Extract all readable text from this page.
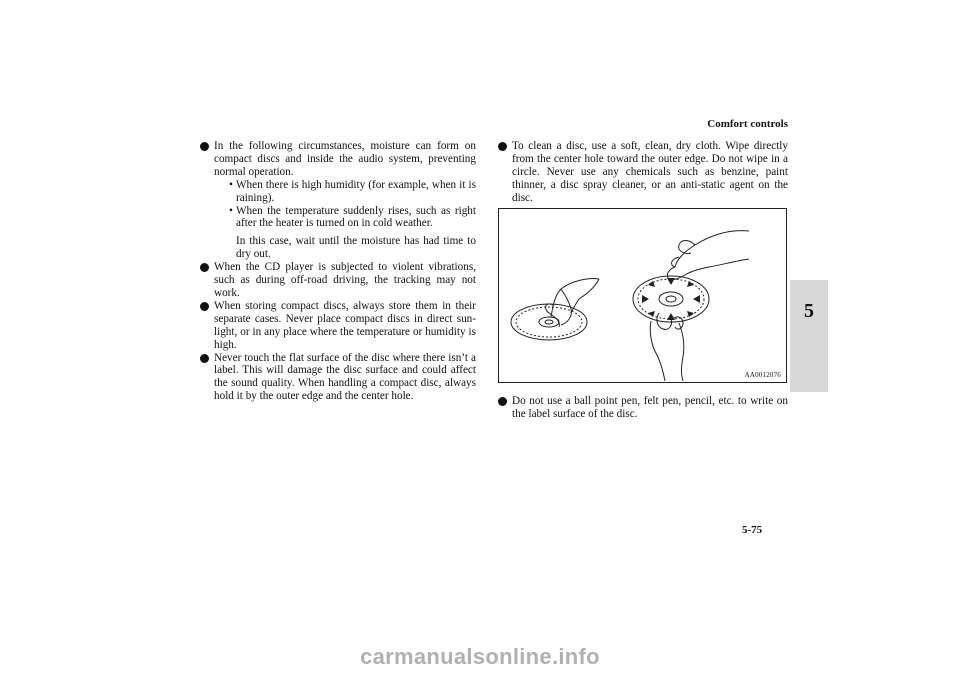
Comfort controls
5
In the following circumstances, moisture can form on compact discs and inside the audio system, preventing normal operation.
• When there is high humidity (for example, when it is raining).
• When the temperature suddenly rises, such as right after the heater is turned on in cold weather.
In this case, wait until the moisture has had time to dry out.
When the CD player is subjected to violent vibrations, such as during off-road driving, the tracking may not work.
When storing compact discs, always store them in their separate cases. Never place compact discs in direct sun-light, or in any place where the temperature or humidity is high.
Never touch the flat surface of the disc where there isn’t a label. This will damage the disc surface and could affect the sound quality. When handling a compact disc, always hold it by the outer edge and the center hole.
To clean a disc, use a soft, clean, dry cloth. Wipe directly from the center hole toward the outer edge. Do not wipe in a circle. Never use any chemicals such as benzine, paint thinner, a disc spray cleaner, or an anti-static agent on the disc.
AA0012076
Do not use a ball point pen, felt pen, pencil, etc. to write on the label surface of the disc.
5-75
carmanualsonline.info
